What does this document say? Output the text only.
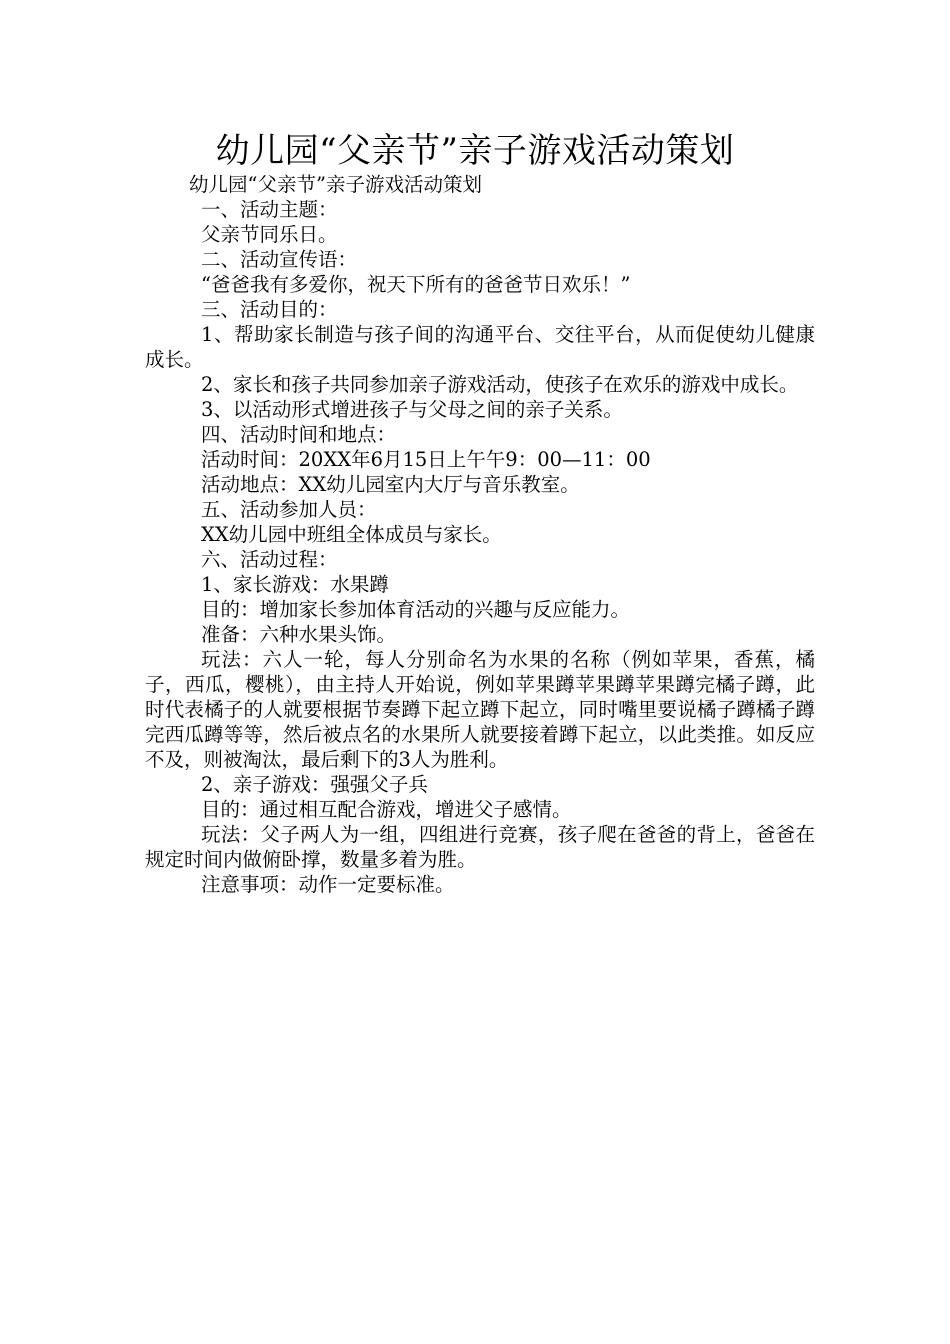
幼儿园“父亲节”亲子游戏活动策划

幼儿园“父亲节”亲子游戏活动策划

一、活动主题：

父亲节同乐日。

二、活动宣传语：

“爸爸我有多爱你，祝天下所有的爸爸节日欢乐！”

三、活动目的：

1、帮助家长制造与孩子间的沟通平台、交往平台，从而促使幼儿健康成长。

2、家长和孩子共同参加亲子游戏活动，使孩子在欢乐的游戏中成长。

3、以活动形式增进孩子与父母之间的亲子关系。

四、活动时间和地点：

活动时间：20XX年6月15日上午午9：00—11：00

活动地点：XX幼儿园室内大厅与音乐教室。

五、活动参加人员：

XX幼儿园中班组全体成员与家长。

六、活动过程：

1、家长游戏：水果蹲

目的：增加家长参加体育活动的兴趣与反应能力。

准备：六种水果头饰。

玩法：六人一轮，每人分别命名为水果的名称（例如苹果，香蕉，橘子，西瓜，樱桃），由主持人开始说，例如苹果蹲苹果蹲苹果蹲完橘子蹲，此时代表橘子的人就要根据节奏蹲下起立蹲下起立，同时嘴里要说橘子蹲橘子蹲完西瓜蹲等等，然后被点名的水果所人就要接着蹲下起立，以此类推。如反应不及，则被淘汰，最后剩下的3人为胜利。

2、亲子游戏：强强父子兵

目的：通过相互配合游戏，增进父子感情。

玩法：父子两人为一组，四组进行竞赛，孩子爬在爸爸的背上，爸爸在规定时间内做俯卧撑，数量多着为胜。

注意事项：动作一定要标准。
